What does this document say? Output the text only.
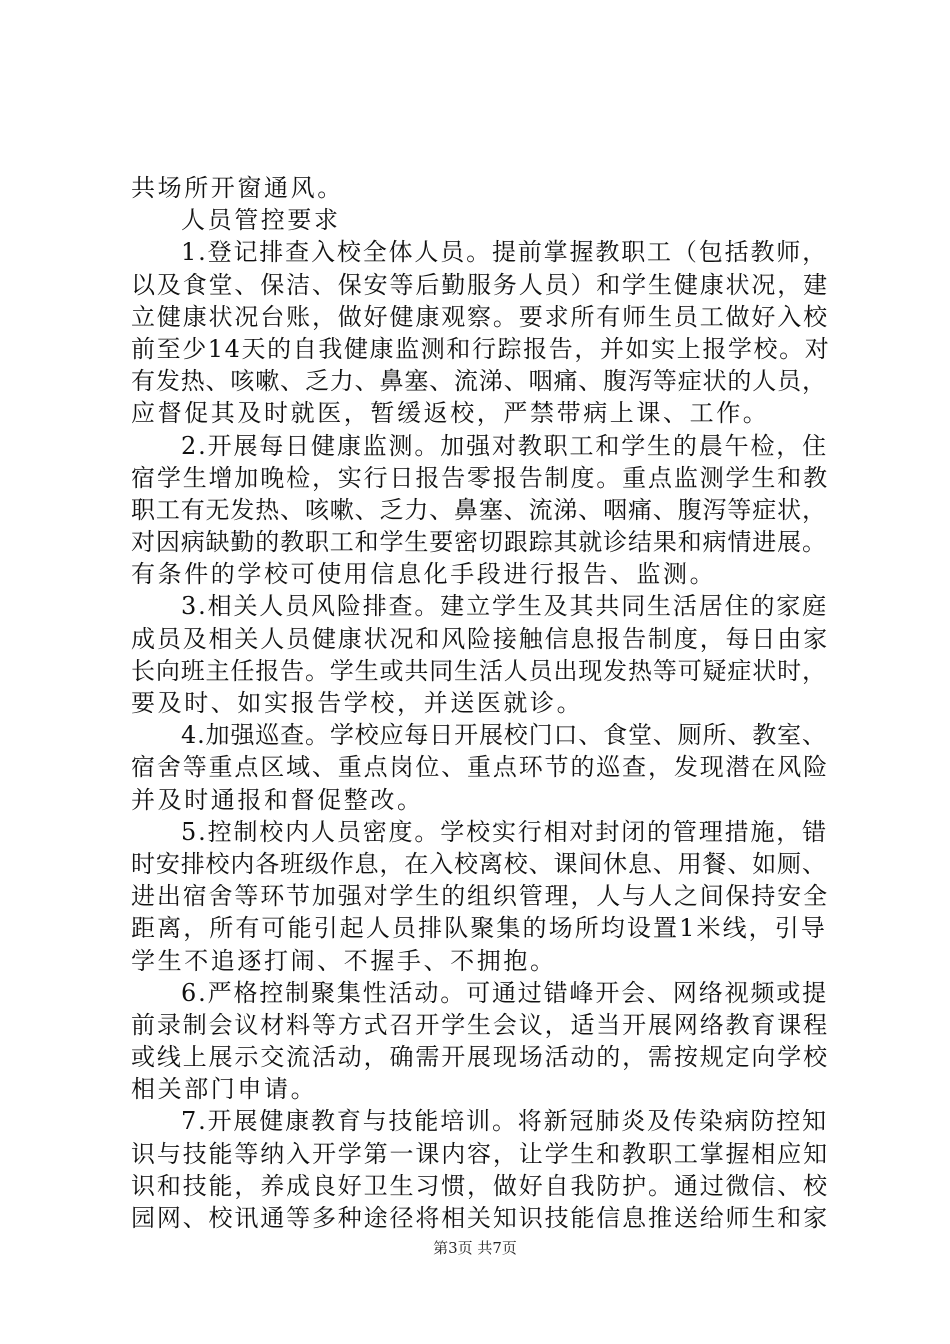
共场所开窗通风。
人员管控要求
1.登记排查入校全体人员。提前掌握教职工（包括教师，
以及食堂、保洁、保安等后勤服务人员）和学生健康状况，建
立健康状况台账，做好健康观察。要求所有师生员工做好入校
前至少14天的自我健康监测和行踪报告，并如实上报学校。对
有发热、咳嗽、乏力、鼻塞、流涕、咽痛、腹泻等症状的人员，
应督促其及时就医，暂缓返校，严禁带病上课、工作。
2.开展每日健康监测。加强对教职工和学生的晨午检，住
宿学生增加晚检，实行日报告零报告制度。重点监测学生和教
职工有无发热、咳嗽、乏力、鼻塞、流涕、咽痛、腹泻等症状，
对因病缺勤的教职工和学生要密切跟踪其就诊结果和病情进展。
有条件的学校可使用信息化手段进行报告、监测。
3.相关人员风险排查。建立学生及其共同生活居住的家庭
成员及相关人员健康状况和风险接触信息报告制度，每日由家
长向班主任报告。学生或共同生活人员出现发热等可疑症状时，
要及时、如实报告学校，并送医就诊。
4.加强巡查。学校应每日开展校门口、食堂、厕所、教室、
宿舍等重点区域、重点岗位、重点环节的巡查，发现潜在风险
并及时通报和督促整改。
5.控制校内人员密度。学校实行相对封闭的管理措施，错
时安排校内各班级作息，在入校离校、课间休息、用餐、如厕、
进出宿舍等环节加强对学生的组织管理，人与人之间保持安全
距离，所有可能引起人员排队聚集的场所均设置1米线，引导
学生不追逐打闹、不握手、不拥抱。
6.严格控制聚集性活动。可通过错峰开会、网络视频或提
前录制会议材料等方式召开学生会议，适当开展网络教育课程
或线上展示交流活动，确需开展现场活动的，需按规定向学校
相关部门申请。
7.开展健康教育与技能培训。将新冠肺炎及传染病防控知
识与技能等纳入开学第一课内容，让学生和教职工掌握相应知
识和技能，养成良好卫生习惯，做好自我防护。通过微信、校
园网、校讯通等多种途径将相关知识技能信息推送给师生和家
第3页 共7页
